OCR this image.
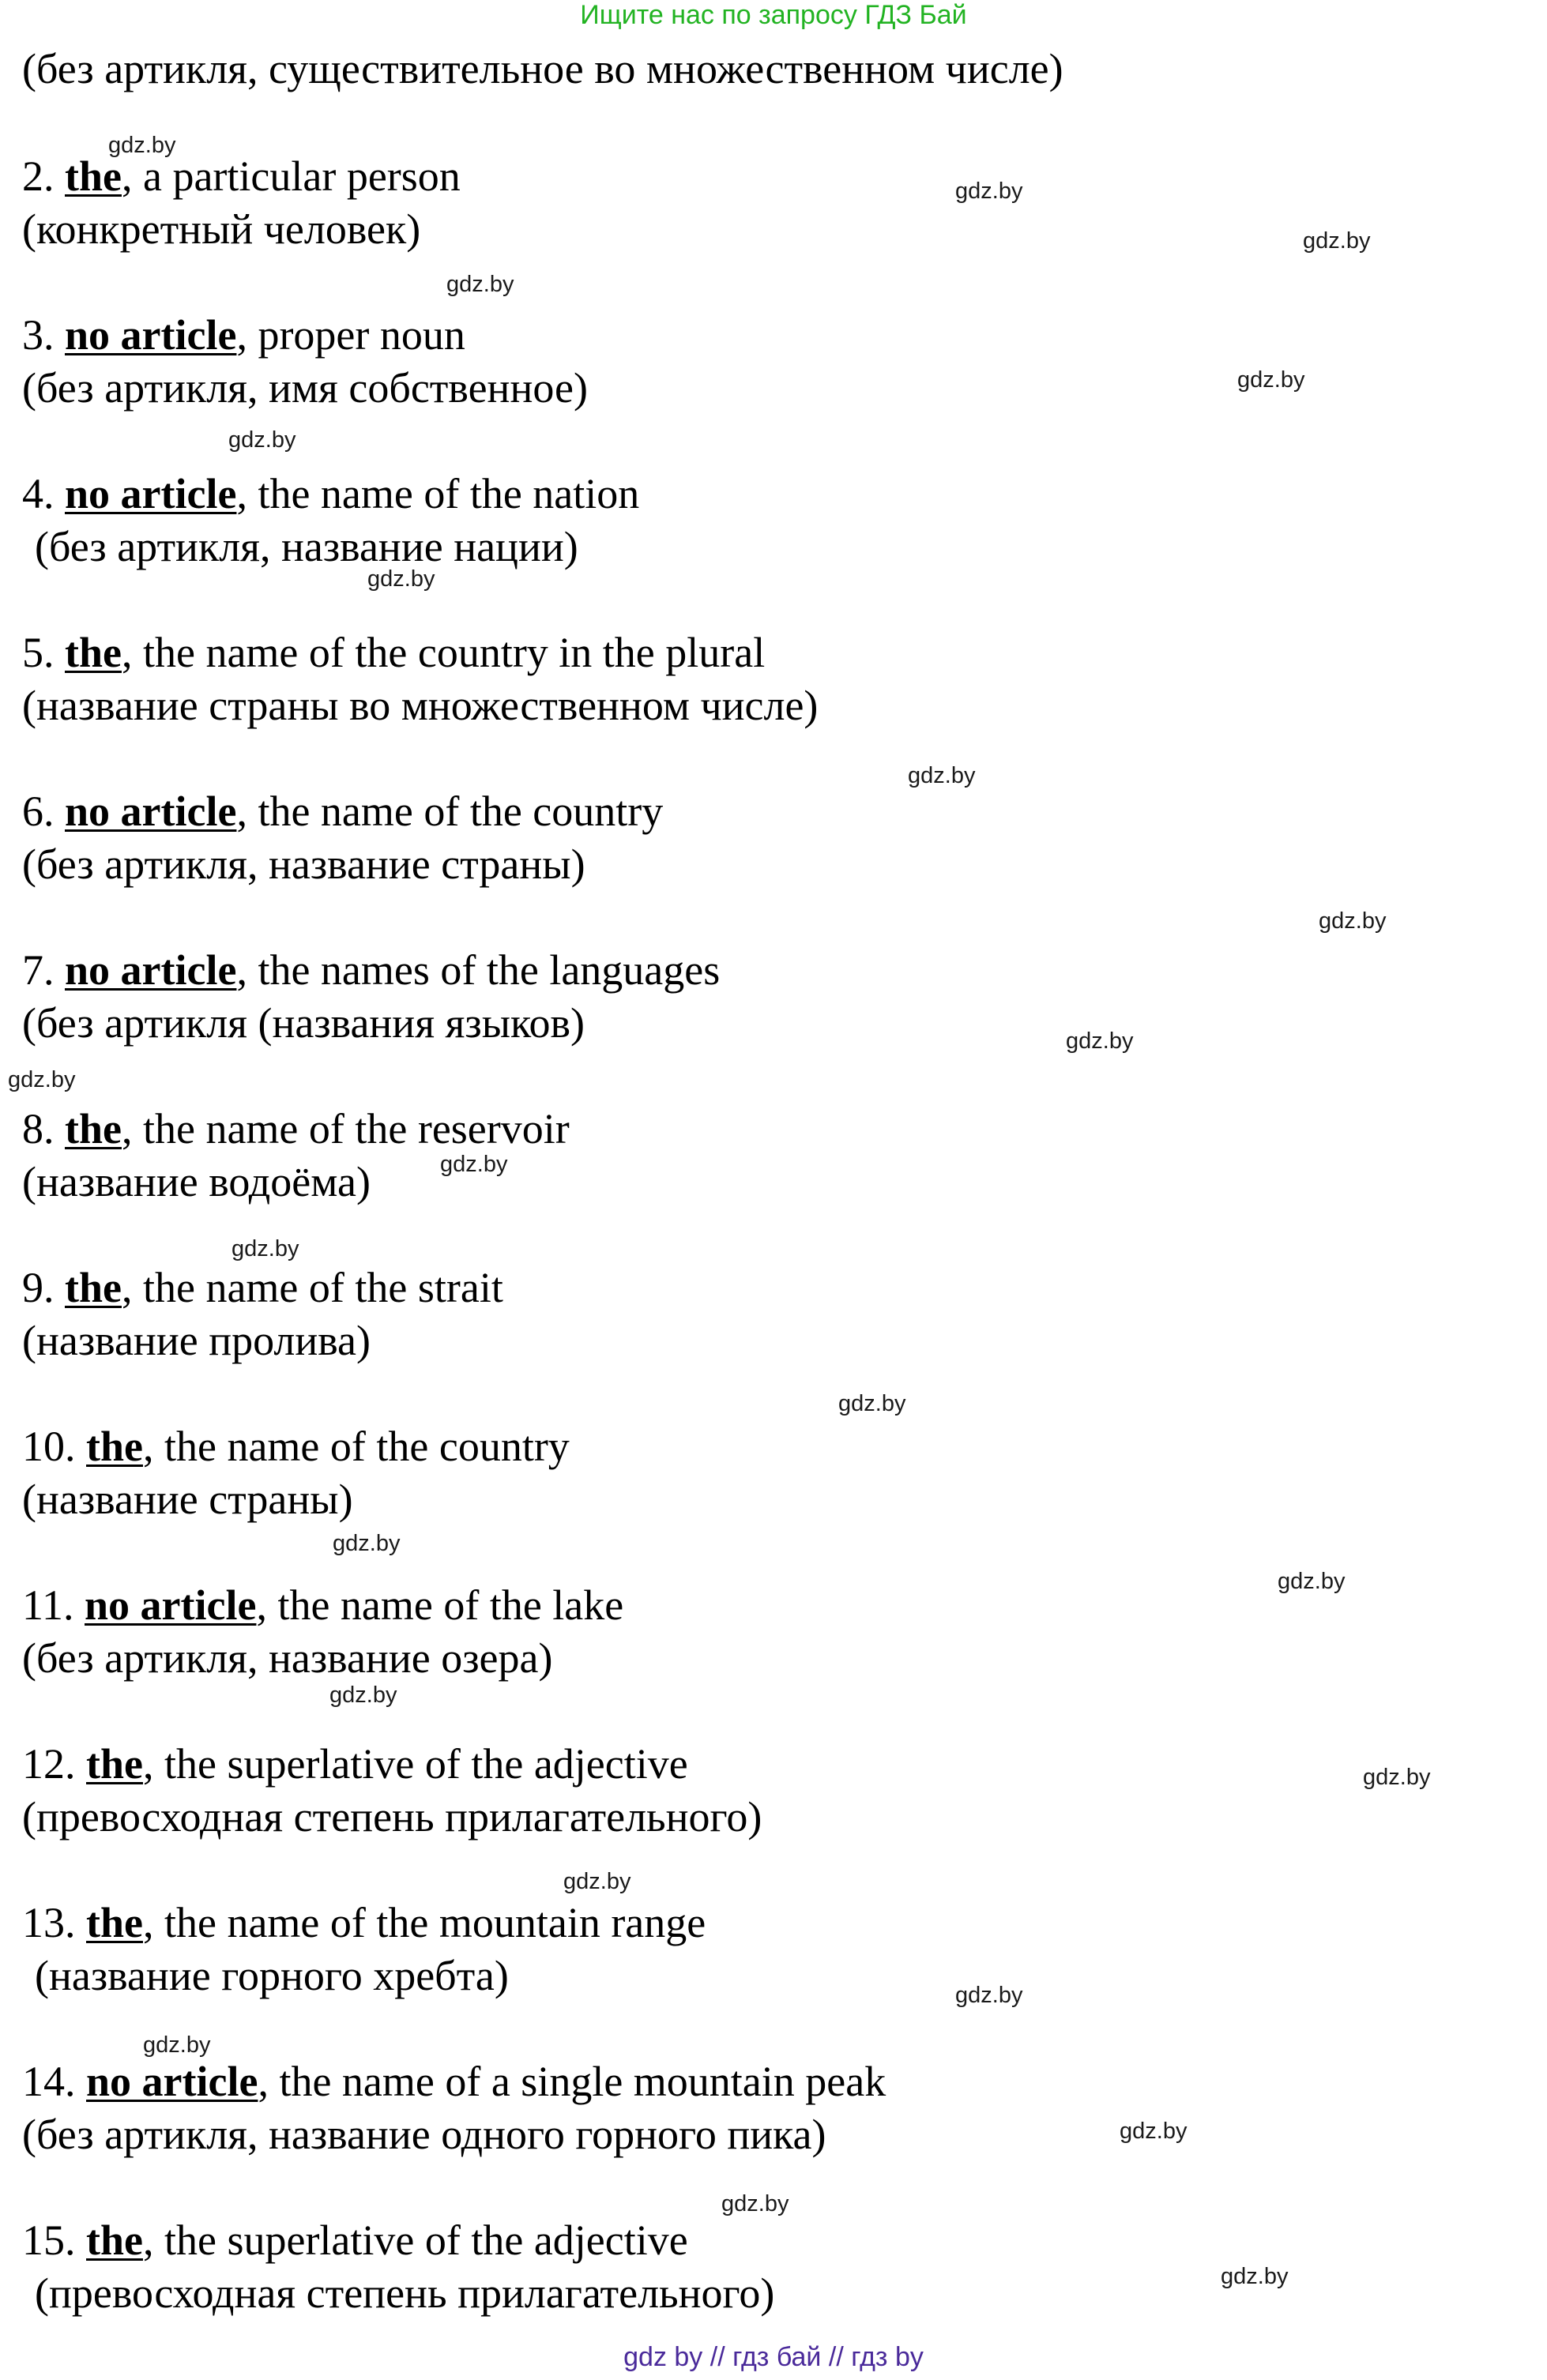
Ищите нас по запросу ГДЗ Бай
(без артикля, существительное во множественном числе)
2. the, a particular person
(конкретный человек)
3. no article, proper noun
(без артикля, имя собственное)
4. no article, the name of the nation
(без артикля, название нации)
5. the, the name of the country in the plural
(название страны во множественном числе)
6. no article, the name of the country
(без артикля, название страны)
7. no article, the names of the languages
(без артикля (названия языков)
8. the, the name of the reservoir
(название водоёма)
9. the, the name of the strait
(название пролива)
10. the, the name of the country
(название страны)
11. no article, the name of the lake
(без артикля, название озера)
12. the, the superlative of the adjective
(превосходная степень прилагательного)
13. the, the name of the mountain range
(название горного хребта)
14. no article, the name of a single mountain peak
(без артикля, название одного горного пика)
15. the, the superlative of the adjective
(превосходная степень прилагательного)
gdz.by
gdz.by
gdz.by
gdz.by
gdz.by
gdz.by
gdz.by
gdz.by
gdz.by
gdz.by
gdz.by
gdz.by
gdz.by
gdz.by
gdz.by
gdz.by
gdz.by
gdz.by
gdz.by
gdz.by
gdz.by
gdz.by
gdz.by
gdz.by
gdz by // гдз бай // гдз by
